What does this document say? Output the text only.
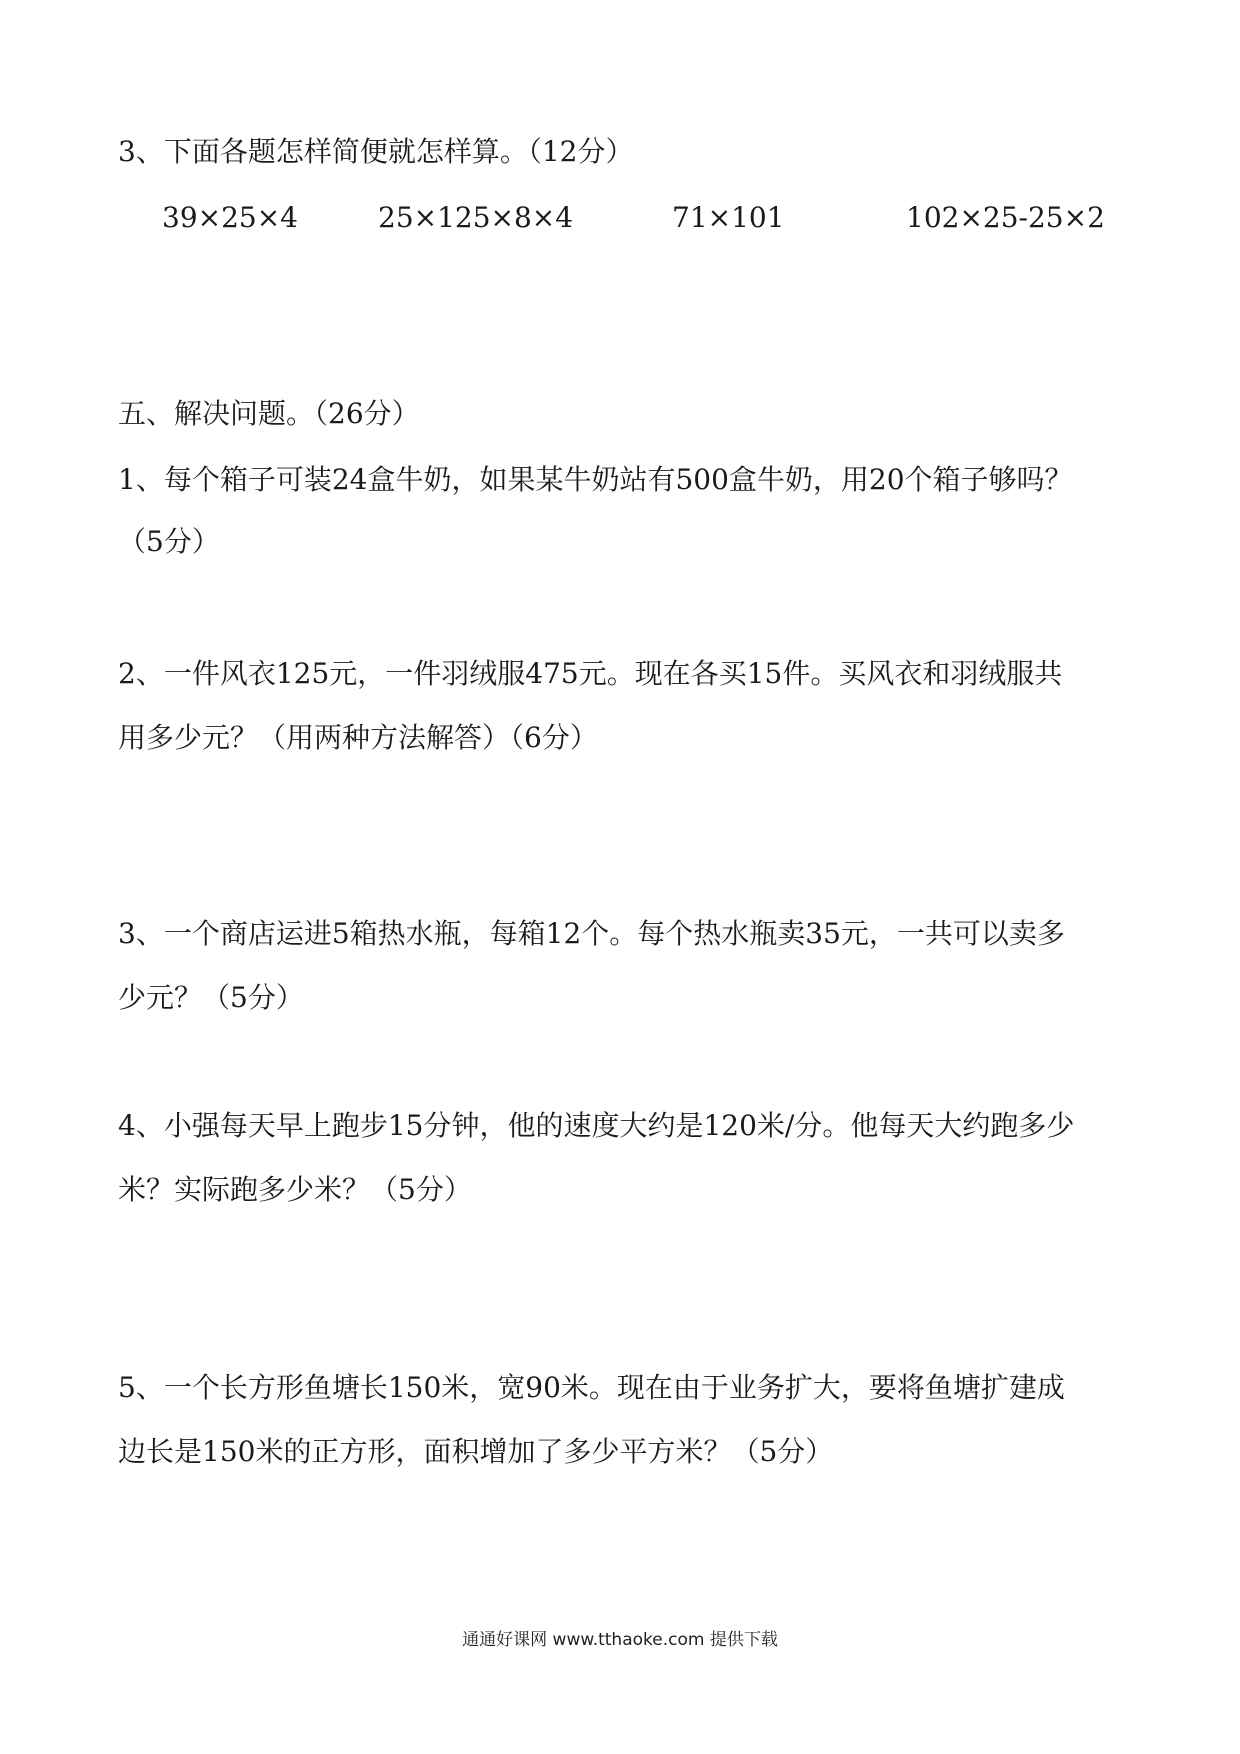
3、下面各题怎样简便就怎样算。（12分）
39×25×4	25×125×8×4	71×101	102×25-25×2
五、解决问题。（26分）
1、每个箱子可装24盒牛奶，如果某牛奶站有500盒牛奶，用20个箱子够吗？
（5分）
2、一件风衣125元，一件羽绒服475元。现在各买15件。买风衣和羽绒服共
用多少元？（用两种方法解答）（6分）
3、一个商店运进5箱热水瓶，每箱12个。每个热水瓶卖35元，一共可以卖多
少元？（5分）
4、小强每天早上跑步15分钟，他的速度大约是120米/分。他每天大约跑多少
米？实际跑多少米？（5分）
5、一个长方形鱼塘长150米，宽90米。现在由于业务扩大，要将鱼塘扩建成
边长是150米的正方形，面积增加了多少平方米？（5分）
通通好课网 www.tthaoke.com 提供下载
